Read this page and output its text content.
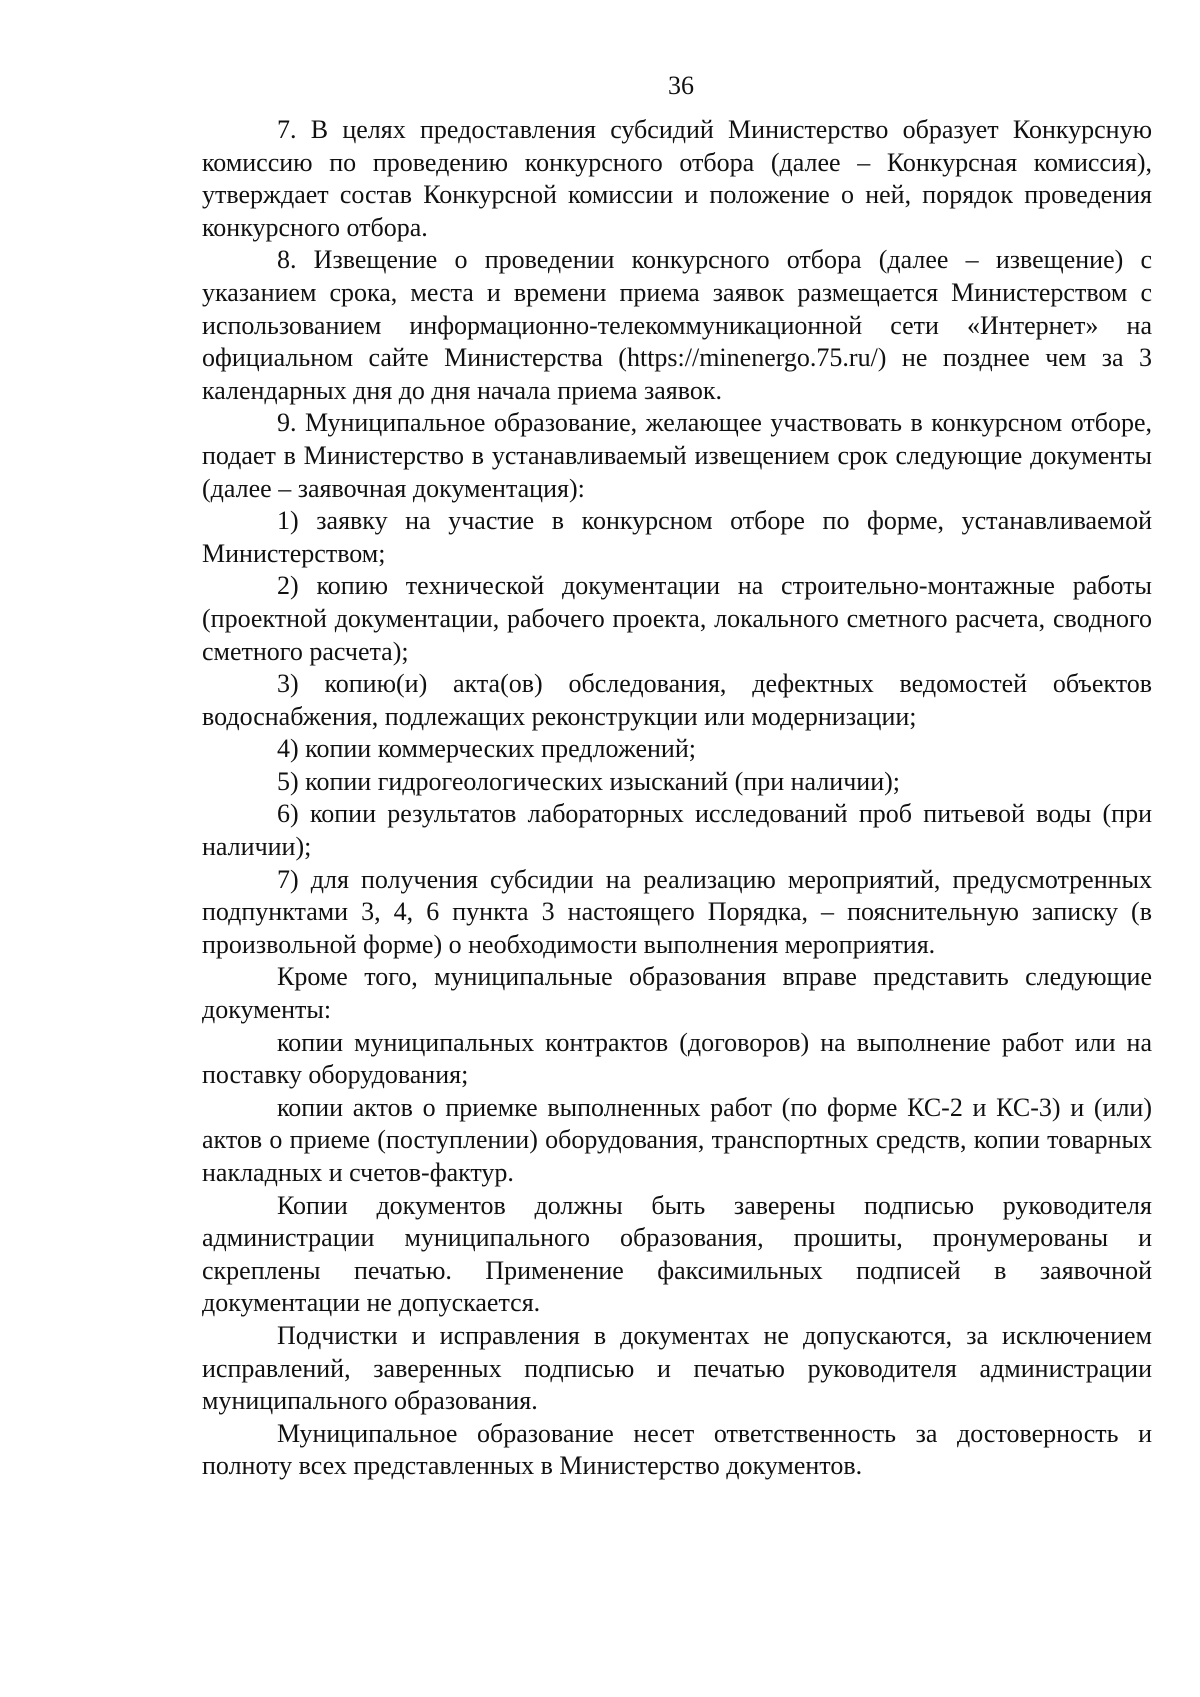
36

7. В целях предоставления субсидий Министерство образует Конкурсную комиссию по проведению конкурсного отбора (далее – Конкурсная комиссия), утверждает состав Конкурсной комиссии и положение о ней, порядок проведения конкурсного отбора.

8. Извещение о проведении конкурсного отбора (далее – извещение) с указанием срока, места и времени приема заявок размещается Министерством с использованием информационно-телекоммуникационной сети «Интернет» на официальном сайте Министерства (https://minenergo.75.ru/) не позднее чем за 3 календарных дня до дня начала приема заявок.

9. Муниципальное образование, желающее участвовать в конкурсном отборе, подает в Министерство в устанавливаемый извещением срок следующие документы (далее – заявочная документация):

1) заявку на участие в конкурсном отборе по форме, устанавливаемой Министерством;

2) копию технической документации на строительно-монтажные работы (проектной документации, рабочего проекта, локального сметного расчета, сводного сметного расчета);

3) копию(и) акта(ов) обследования, дефектных ведомостей объектов водоснабжения, подлежащих реконструкции или модернизации;

4) копии коммерческих предложений;

5) копии гидрогеологических изысканий (при наличии);

6) копии результатов лабораторных исследований проб питьевой воды (при наличии);

7) для получения субсидии на реализацию мероприятий, предусмотренных подпунктами 3, 4, 6 пункта 3 настоящего Порядка, – пояснительную записку (в произвольной форме) о необходимости выполнения мероприятия.

Кроме того, муниципальные образования вправе представить следующие документы:

копии муниципальных контрактов (договоров) на выполнение работ или на поставку оборудования;

копии актов о приемке выполненных работ (по форме КС-2 и КС-3) и (или) актов о приеме (поступлении) оборудования, транспортных средств, копии товарных накладных и счетов-фактур.

Копии документов должны быть заверены подписью руководителя администрации муниципального образования, прошиты, пронумерованы и скреплены печатью. Применение факсимильных подписей в заявочной документации не допускается.

Подчистки и исправления в документах не допускаются, за исключением исправлений, заверенных подписью и печатью руководителя администрации муниципального образования.

Муниципальное образование несет ответственность за достоверность и полноту всех представленных в Министерство документов.
